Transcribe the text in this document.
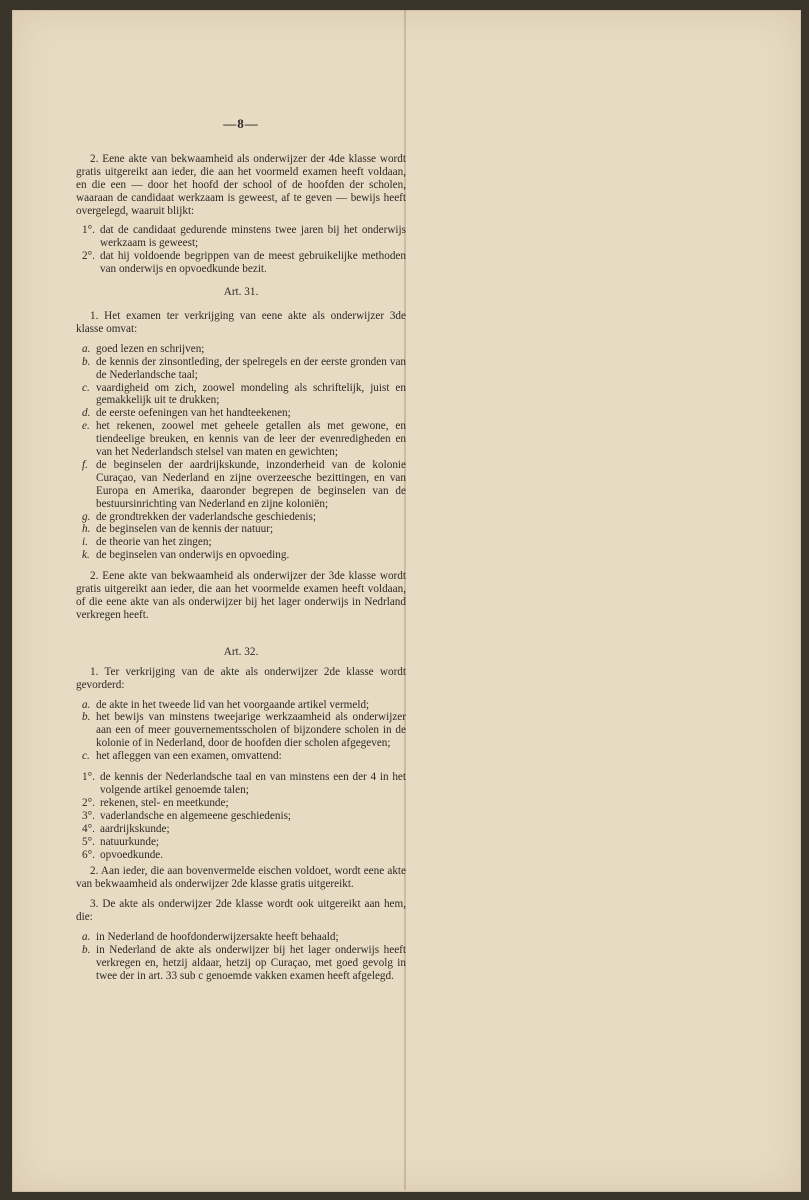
—8—

2. Eene akte van bekwaamheid als onderwijzer der 4de klasse wordt gratis uitgereikt aan ieder, die aan het voormeld examen heeft voldaan, en die een — door het hoofd der school of de hoofden der scholen, waaraan de candidaat werkzaam is geweest, af te geven — bewijs heeft overgelegd, waaruit blijkt:

1°. dat de candidaat gedurende minstens twee jaren bij het onderwijs werkzaam is geweest;
2°. dat hij voldoende begrippen van de meest gebruikelijke methoden van onderwijs en opvoedkunde bezit.
Art. 31.

1. Het examen ter verkrijging van eene akte als onderwijzer 3de klasse omvat:

a. goed lezen en schrijven;
b. de kennis der zinsontleding, der spelregels en der eerste gronden van de Nederlandsche taal;
c. vaardigheid om zich, zoowel mondeling als schriftelijk, juist en gemakkelijk uit te drukken;
d. de eerste oefeningen van het handteekenen;
e. het rekenen, zoowel met geheele getallen als met gewone, en tiendeelige breuken, en kennis van de leer der evenredigheden en van het Nederlandsch stelsel van maten en gewichten;
f. de beginselen der aardrijkskunde, inzonderheid van de kolonie Curaçao, van Nederland en zijne overzeesche bezittingen, en van Europa en Amerika, daaronder begrepen de beginselen van de bestuursinrichting van Nederland en zijne koloniën;
g. de grondtrekken der vaderlandsche geschiedenis;
h. de beginselen van de kennis der natuur;
i. de theorie van het zingen;
k. de beginselen van onderwijs en opvoeding.

2. Eene akte van bekwaamheid als onderwijzer der 3de klasse wordt gratis uitgereikt aan ieder, die aan het voormelde examen heeft voldaan, of die eene akte van als onderwijzer bij het lager onderwijs in Nedrland verkregen heeft.

Art. 32.

1. Ter verkrijging van de akte als onderwijzer 2de klasse wordt gevorderd:

a. de akte in het tweede lid van het voorgaande artikel vermeld;
b. het bewijs van minstens tweejarige werkzaamheid als onderwijzer aan een of meer gouvernementsscholen of bijzondere scholen in de kolonie of in Nederland, door de hoofden dier scholen afgegeven;
c. het afleggen van een examen, omvattend:
1°. de kennis der Nederlandsche taal en van minstens een der 4 in het volgende artikel genoemde talen;
2°. rekenen, stel- en meetkunde;
3°. vaderlandsche en algemeene geschiedenis;
4°. aardrijkskunde;
5°. natuurkunde;
6°. opvoedkunde.

2. Aan ieder, die aan bovenvermelde eischen voldoet, wordt eene akte van bekwaamheid als onderwijzer 2de klasse gratis uitgereikt.

3. De akte als onderwijzer 2de klasse wordt ook uitgereikt aan hem, die:

a. in Nederland de hoofdonderwijzersakte heeft behaald;
b. in Nederland de akte als onderwijzer bij het lager onderwijs heeft verkregen en, hetzij aldaar, hetzij op Curaçao, met goed gevolg in twee der in art. 33 sub c genoemde vakken examen heeft afgelegd.
